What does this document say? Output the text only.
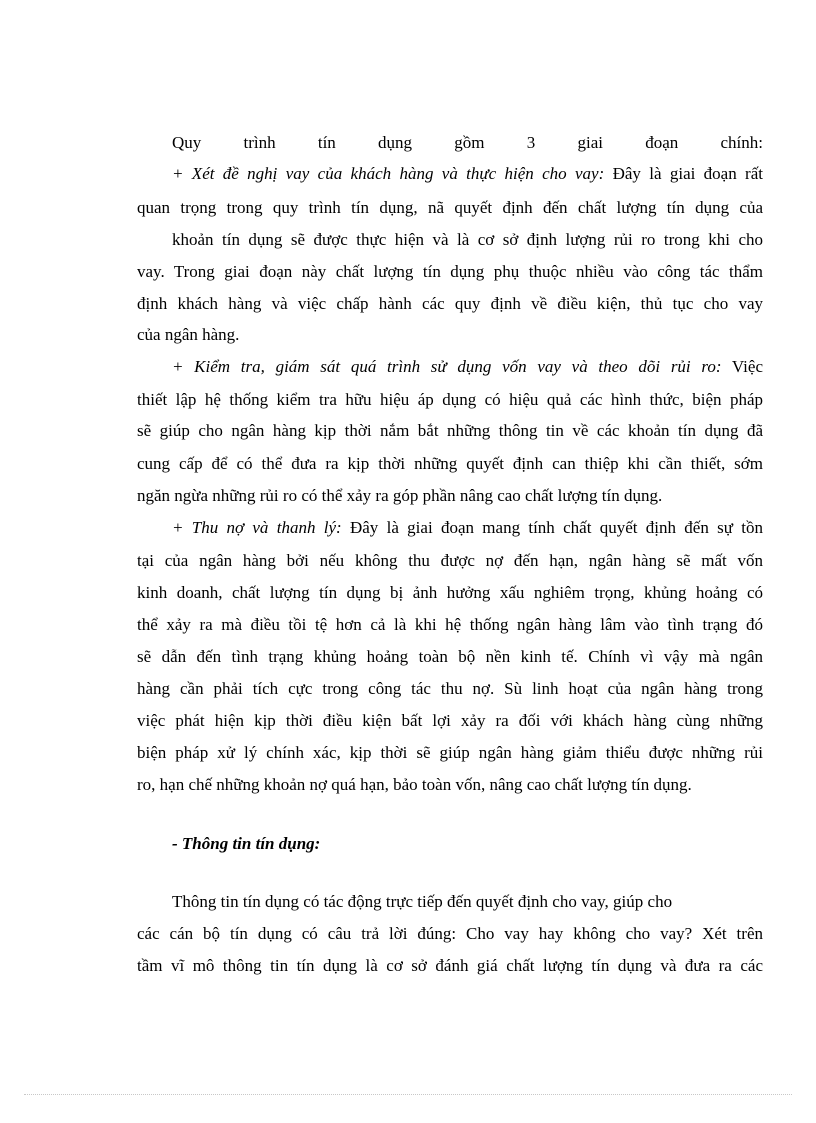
Quy trình tín dụng gồm 3 giai đoạn chính:
+ Xét đề nghị vay của khách hàng và thực hiện cho vay: Đây là giai đoạn rất
quan trọng trong quy trình tín dụng, nã quyết định đến chất lượng tín dụng của
khoản tín dụng sẽ được thực hiện và là cơ sở định lượng rủi ro trong khi cho
vay. Trong giai đoạn này chất lượng tín dụng phụ thuộc nhiều vào công tác thẩm
định khách hàng và việc chấp hành các quy định về điều kiện, thủ tục cho vay
của ngân hàng.
+ Kiểm tra, giám sát quá trình sử dụng vốn vay và theo dõi rủi ro: Việc
thiết lập hệ thống kiểm tra hữu hiệu áp dụng có hiệu quả các hình thức, biện pháp
sẽ giúp cho ngân hàng kịp thời nắm bắt những thông tin về các khoản tín dụng đã
cung cấp để có thể đưa ra kịp thời những quyết định can thiệp khi cần thiết, sớm
ngăn ngừa những rủi ro có thể xảy ra góp phần nâng cao chất lượng tín dụng.
+ Thu nợ và thanh lý: Đây là giai đoạn mang tính chất quyết định đến sự tồn
tại của ngân hàng bởi nếu không thu được nợ đến hạn, ngân hàng sẽ mất vốn
kinh doanh, chất lượng tín dụng bị ảnh hưởng xấu nghiêm trọng, khủng hoảng có
thể xảy ra mà điều tồi tệ hơn cả là khi hệ thống ngân hàng lâm vào tình trạng đó
sẽ dẫn đến tình trạng khủng hoảng toàn bộ nền kinh tế. Chính vì vậy mà ngân
hàng cần phải tích cực trong công tác thu nợ. Sù linh hoạt của ngân hàng trong
việc phát hiện kịp thời điều kiện bất lợi xảy ra đối với khách hàng cùng những
biện pháp xử lý chính xác, kịp thời sẽ giúp ngân hàng giảm thiểu được những rủi
ro, hạn chế những khoản nợ quá hạn, bảo toàn vốn, nâng cao chất lượng tín dụng.
- Thông tin tín dụng:
Thông tin tín dụng có tác động trực tiếp đến quyết định cho vay, giúp cho
các cán bộ tín dụng có câu trả lời đúng: Cho vay hay không cho vay? Xét trên
tầm vĩ mô thông tin tín dụng là cơ sở đánh giá chất lượng tín dụng và đưa ra các
